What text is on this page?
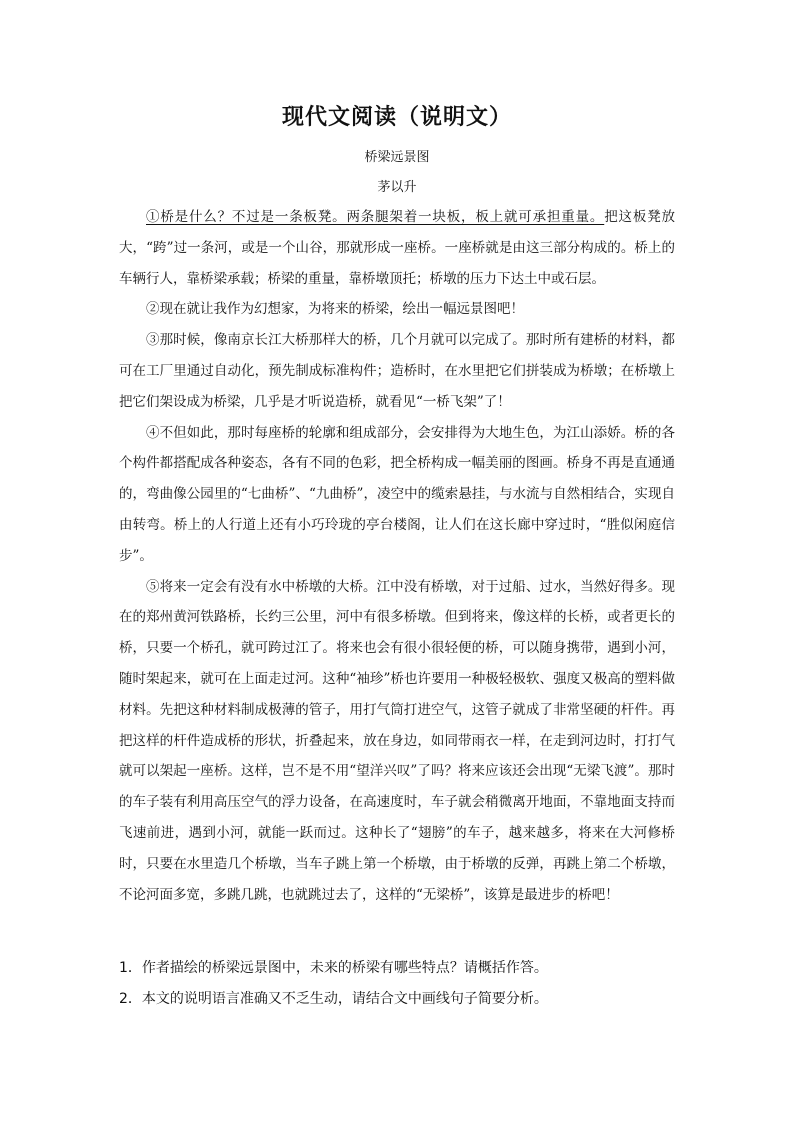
现代文阅读（说明文）
桥梁远景图
茅以升

①桥是什么？不过是一条板凳。两条腿架着一块板，板上就可承担重量。把这板凳放大，“跨”过一条河，或是一个山谷，那就形成一座桥。一座桥就是由这三部分构成的。桥上的车辆行人，靠桥梁承载；桥梁的重量，靠桥墩顶托；桥墩的压力下达土中或石层。

②现在就让我作为幻想家，为将来的桥梁，绘出一幅远景图吧！

③那时候，像南京长江大桥那样大的桥，几个月就可以完成了。那时所有建桥的材料，都可在工厂里通过自动化，预先制成标准构件；造桥时，在水里把它们拼装成为桥墩；在桥墩上把它们架设成为桥梁，几乎是才听说造桥，就看见“一桥飞架”了！

④不但如此，那时每座桥的轮廓和组成部分，会安排得为大地生色，为江山添娇。桥的各个构件都搭配成各种姿态，各有不同的色彩，把全桥构成一幅美丽的图画。桥身不再是直通通的，弯曲像公园里的“七曲桥”、“九曲桥”，凌空中的缆索悬挂，与水流与自然相结合，实现自由转弯。桥上的人行道上还有小巧玲珑的亭台楼阁，让人们在这长廊中穿过时，“胜似闲庭信步”。

⑤将来一定会有没有水中桥墩的大桥。江中没有桥墩，对于过船、过水，当然好得多。现在的郑州黄河铁路桥，长约三公里，河中有很多桥墩。但到将来，像这样的长桥，或者更长的桥，只要一个桥孔，就可跨过江了。将来也会有很小很轻便的桥，可以随身携带，遇到小河，随时架起来，就可在上面走过河。这种“袖珍”桥也许要用一种极轻极软、强度又极高的塑料做材料。先把这种材料制成极薄的管子，用打气筒打进空气，这管子就成了非常坚硬的杆件。再把这样的杆件造成桥的形状，折叠起来，放在身边，如同带雨衣一样，在走到河边时，打打气就可以架起一座桥。这样，岂不是不用“望洋兴叹”了吗？将来应该还会出现“无梁飞渡”。那时的车子装有利用高压空气的浮力设备，在高速度时，车子就会稍微离开地面，不靠地面支持而飞速前进，遇到小河，就能一跃而过。这种长了“翅膀”的车子，越来越多，将来在大河修桥时，只要在水里造几个桥墩，当车子跳上第一个桥墩，由于桥墩的反弹，再跳上第二个桥墩，不论河面多宽，多跳几跳，也就跳过去了，这样的“无梁桥”，该算是最进步的桥吧！

1．作者描绘的桥梁远景图中，未来的桥梁有哪些特点？请概括作答。
2．本文的说明语言准确又不乏生动，请结合文中画线句子简要分析。
